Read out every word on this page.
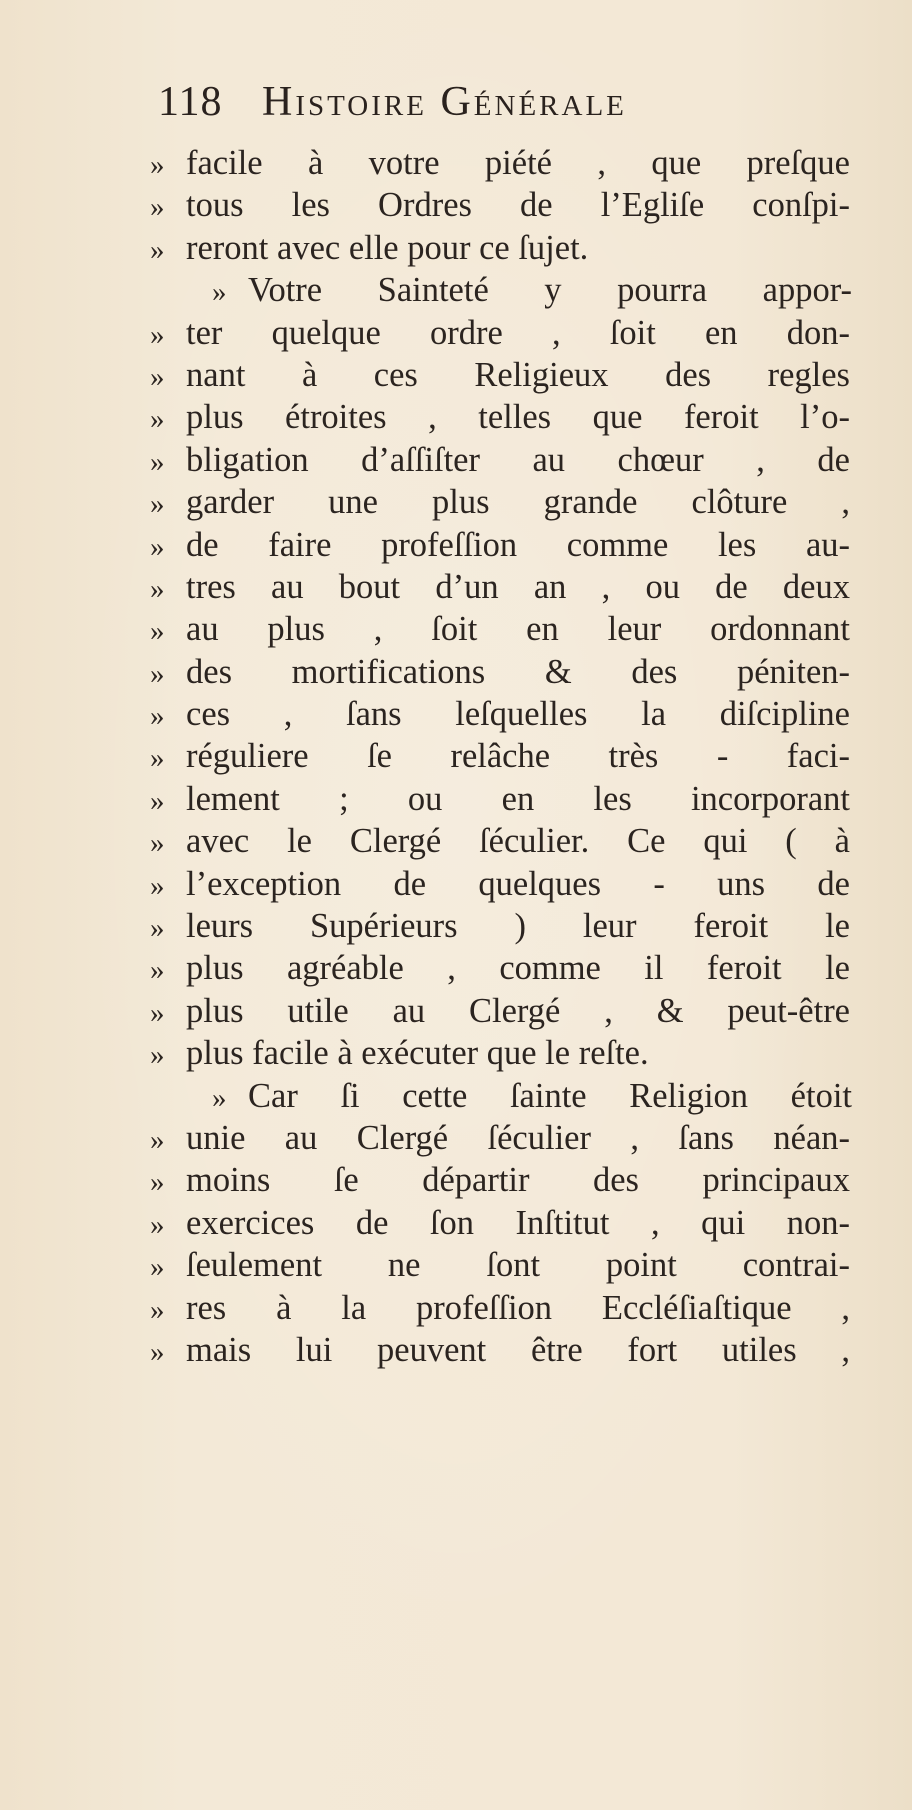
118 Histoire Générale
» facile à votre piété , que preſque
» tous les Ordres de l’Egliſe conſpi-
» reront avec elle pour ce ſujet.
» Votre Sainteté y pourra appor-
» ter quelque ordre , ſoit en don-
» nant à ces Religieux des regles
» plus étroites , telles que feroit l’o-
» bligation d’aſſiſter au chœur , de
» garder une plus grande clôture ,
» de faire profeſſion comme les au-
» tres au bout d’un an , ou de deux
» au plus , ſoit en leur ordonnant
» des mortifications & des péniten-
» ces , ſans leſquelles la diſcipline
» réguliere ſe relâche très - faci-
» lement ; ou en les incorporant
» avec le Clergé ſéculier. Ce qui ( à
» l’exception de quelques - uns de
» leurs Supérieurs ) leur feroit le
» plus agréable , comme il feroit le
» plus utile au Clergé , & peut-être
» plus facile à exécuter que le reſte.
» Car ſi cette ſainte Religion étoit
» unie au Clergé ſéculier , ſans néan-
» moins ſe départir des principaux
» exercices de ſon Inſtitut , qui non-
» ſeulement ne ſont point contrai-
» res à la profeſſion Eccléſiaſtique ,
» mais lui peuvent être fort utiles ,
